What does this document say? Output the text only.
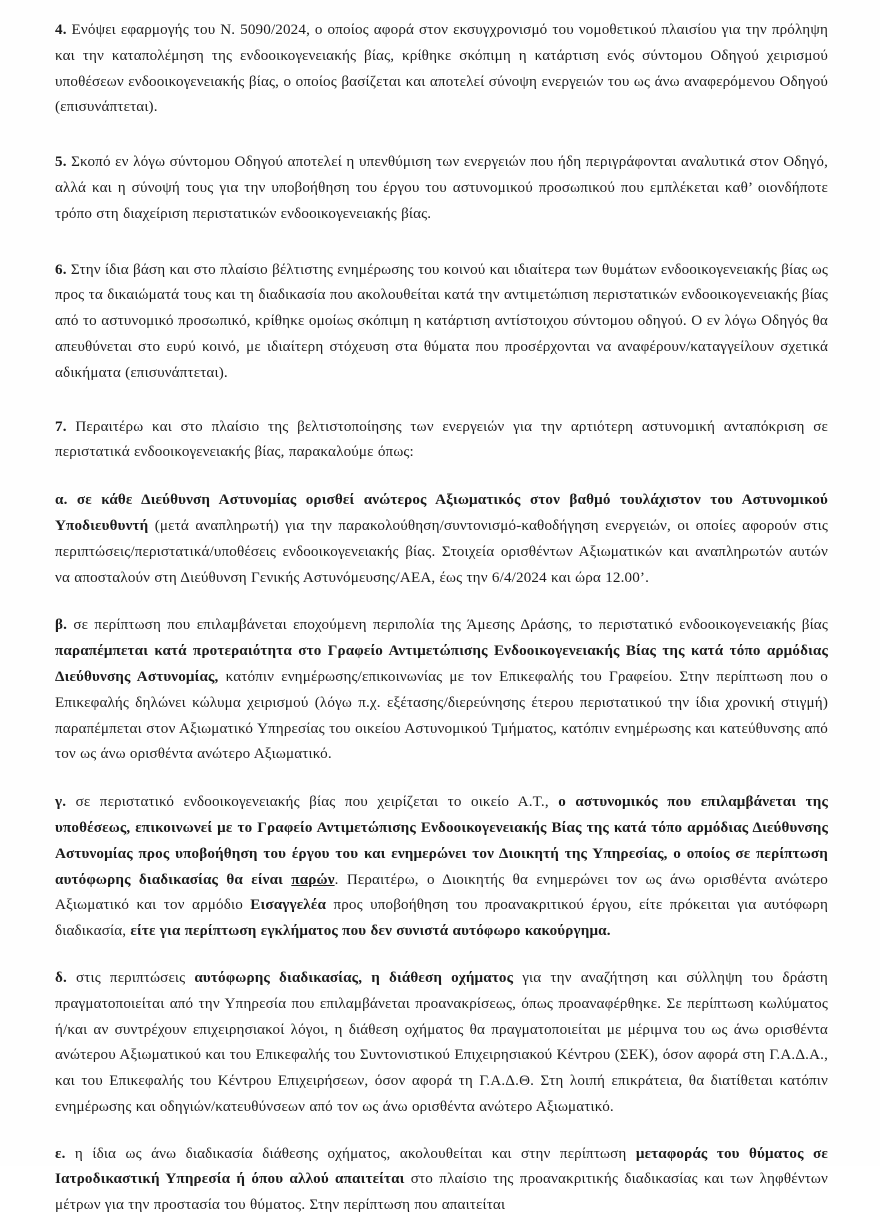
4. Ενόψει εφαρμογής του Ν. 5090/2024, ο οποίος αφορά στον εκσυγχρονισμό του νομοθετικού πλαισίου για την πρόληψη και την καταπολέμηση της ενδοοικογενειακής βίας, κρίθηκε σκόπιμη η κατάρτιση ενός σύντομου Οδηγού χειρισμού υποθέσεων ενδοοικογενειακής βίας, ο οποίος βασίζεται και αποτελεί σύνοψη ενεργειών του ως άνω αναφερόμενου Οδηγού (επισυνάπτεται).

5. Σκοπό εν λόγω σύντομου Οδηγού αποτελεί η υπενθύμιση των ενεργειών που ήδη περιγράφονται αναλυτικά στον Οδηγό, αλλά και η σύνοψή τους για την υποβοήθηση του έργου του αστυνομικού προσωπικού που εμπλέκεται καθ’ οιονδήποτε τρόπο στη διαχείριση περιστατικών ενδοοικογενειακής βίας.

6. Στην ίδια βάση και στο πλαίσιο βέλτιστης ενημέρωσης του κοινού και ιδιαίτερα των θυμάτων ενδοοικογενειακής βίας ως προς τα δικαιώματά τους και τη διαδικασία που ακολουθείται κατά την αντιμετώπιση περιστατικών ενδοοικογενειακής βίας από το αστυνομικό προσωπικό, κρίθηκε ομοίως σκόπιμη η κατάρτιση αντίστοιχου σύντομου οδηγού. Ο εν λόγω Οδηγός θα απευθύνεται στο ευρύ κοινό, με ιδιαίτερη στόχευση στα θύματα που προσέρχονται να αναφέρουν/καταγγείλουν σχετικά αδικήματα (επισυνάπτεται).

7. Περαιτέρω και στο πλαίσιο της βελτιστοποίησης των ενεργειών για την αρτιότερη αστυνομική ανταπόκριση σε περιστατικά ενδοοικογενειακής βίας, παρακαλούμε όπως:

α. σε κάθε Διεύθυνση Αστυνομίας ορισθεί ανώτερος Αξιωματικός στον βαθμό τουλάχιστον του Αστυνομικού Υποδιευθυντή (μετά αναπληρωτή) για την παρακολούθηση/συντονισμό-καθοδήγηση ενεργειών, οι οποίες αφορούν στις περιπτώσεις/περιστατικά/υποθέσεις ενδοοικογενειακής βίας. Στοιχεία ορισθέντων Αξιωματικών και αναπληρωτών αυτών να αποσταλούν στη Διεύθυνση Γενικής Αστυνόμευσης/ΑΕΑ, έως την 6/4/2024 και ώρα 12.00’.

β. σε περίπτωση που επιλαμβάνεται εποχούμενη περιπολία της Άμεσης Δράσης, το περιστατικό ενδοοικογενειακής βίας παραπέμπεται κατά προτεραιότητα στο Γραφείο Αντιμετώπισης Ενδοοικογενειακής Βίας της κατά τόπο αρμόδιας Διεύθυνσης Αστυνομίας, κατόπιν ενημέρωσης/επικοινωνίας με τον Επικεφαλής του Γραφείου. Στην περίπτωση που ο Επικεφαλής δηλώνει κώλυμα χειρισμού (λόγω π.χ. εξέτασης/διερεύνησης έτερου περιστατικού την ίδια χρονική στιγμή) παραπέμπεται στον Αξιωματικό Υπηρεσίας του οικείου Αστυνομικού Τμήματος, κατόπιν ενημέρωσης και κατεύθυνσης από τον ως άνω ορισθέντα ανώτερο Αξιωματικό.

γ. σε περιστατικό ενδοοικογενειακής βίας που χειρίζεται το οικείο Α.Τ., ο αστυνομικός που επιλαμβάνεται της υποθέσεως, επικοινωνεί με το Γραφείο Αντιμετώπισης Ενδοοικογενειακής Βίας της κατά τόπο αρμόδιας Διεύθυνσης Αστυνομίας προς υποβοήθηση του έργου του και ενημερώνει τον Διοικητή της Υπηρεσίας, ο οποίος σε περίπτωση αυτόφωρης διαδικασίας θα είναι παρών. Περαιτέρω, ο Διοικητής θα ενημερώνει τον ως άνω ορισθέντα ανώτερο Αξιωματικό και τον αρμόδιο Εισαγγελέα προς υποβοήθηση του προανακριτικού έργου, είτε πρόκειται για αυτόφωρη διαδικασία, είτε για περίπτωση εγκλήματος που δεν συνιστά αυτόφωρο κακούργημα.

δ. στις περιπτώσεις αυτόφωρης διαδικασίας, η διάθεση οχήματος για την αναζήτηση και σύλληψη του δράστη πραγματοποιείται από την Υπηρεσία που επιλαμβάνεται προανακρίσεως, όπως προαναφέρθηκε. Σε περίπτωση κωλύματος ή/και αν συντρέχουν επιχειρησιακοί λόγοι, η διάθεση οχήματος θα πραγματοποιείται με μέριμνα του ως άνω ορισθέντα ανώτερου Αξιωματικού και του Επικεφαλής του Συντονιστικού Επιχειρησιακού Κέντρου (ΣΕΚ), όσον αφορά στη Γ.Α.Δ.Α., και του Επικεφαλής του Κέντρου Επιχειρήσεων, όσον αφορά τη Γ.Α.Δ.Θ. Στη λοιπή επικράτεια, θα διατίθεται κατόπιν ενημέρωσης και οδηγιών/κατευθύνσεων από τον ως άνω ορισθέντα ανώτερο Αξιωματικό.

ε. η ίδια ως άνω διαδικασία διάθεσης οχήματος, ακολουθείται και στην περίπτωση μεταφοράς του θύματος σε Ιατροδικαστική Υπηρεσία ή όπου αλλού απαιτείται στο πλαίσιο της προανακριτικής διαδικασίας και των ληφθέντων μέτρων για την προστασία του θύματος. Στην περίπτωση που απαιτείται
